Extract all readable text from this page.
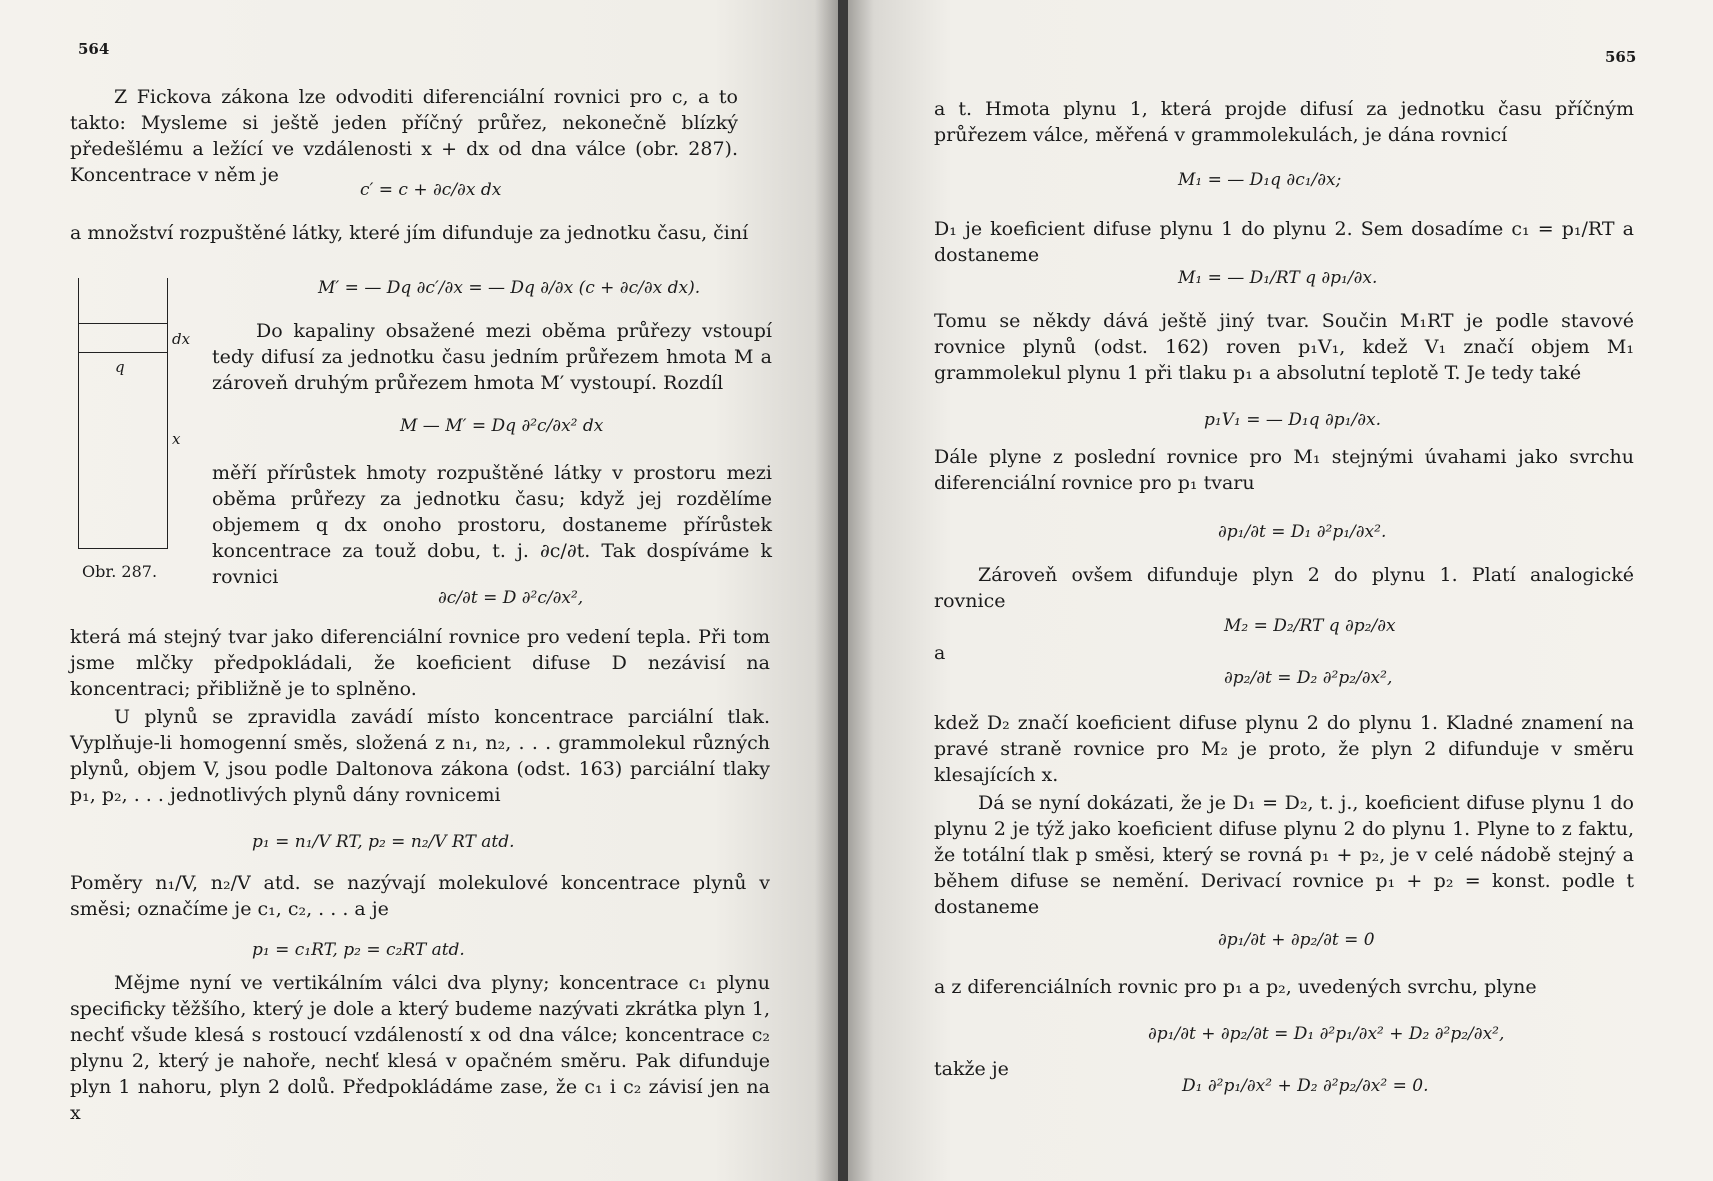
564
Z Fickova zákona lze odvoditi diferenciální rovnici pro c, a to takto: Mysleme si ještě jeden příčný průřez, nekonečně blízký předešlému a ležící ve vzdálenosti x + dx od dna válce (obr. 287). Koncentrace v něm je
c′ = c + ∂c/∂x dx
a množství rozpuštěné látky, které jím difunduje za jednotku času, činí
M′ = — Dq ∂c′/∂x = — Dq ∂/∂x (c + ∂c/∂x dx).
dx
q
x
Obr. 287.
Do kapaliny obsažené mezi oběma průřezy vstoupí tedy difusí za jednotku času jedním průřezem hmota M a zároveň druhým průřezem hmota M′ vystoupí. Rozdíl
M — M′ = Dq ∂²c/∂x² dx
měří přírůstek hmoty rozpuštěné látky v prostoru mezi oběma průřezy za jednotku času; když jej rozdělíme objemem q dx onoho prostoru, dostaneme přírůstek koncentrace za touž dobu, t. j. ∂c/∂t. Tak dospíváme k rovnici
∂c/∂t = D ∂²c/∂x²,
která má stejný tvar jako diferenciální rovnice pro vedení tepla. Při tom jsme mlčky předpokládali, že koeficient difuse D nezávisí na koncentraci; přibližně je to splněno.
U plynů se zpravidla zavádí místo koncentrace parciální tlak. Vyplňuje-li homogenní směs, složená z n₁, n₂, . . . grammolekul různých plynů, objem V, jsou podle Daltonova zákona (odst. 163) parciální tlaky p₁, p₂, . . . jednotlivých plynů dány rovnicemi
p₁ = n₁/V RT, p₂ = n₂/V RT atd.
Poměry n₁/V, n₂/V atd. se nazývají molekulové koncentrace plynů v směsi; označíme je c₁, c₂, . . . a je
p₁ = c₁RT, p₂ = c₂RT atd.
Mějme nyní ve vertikálním válci dva plyny; koncentrace c₁ plynu specificky těžšího, který je dole a který budeme nazývati zkrátka plyn 1, nechť všude klesá s rostoucí vzdáleností x od dna válce; koncentrace c₂ plynu 2, který je nahoře, nechť klesá v opačném směru. Pak difunduje plyn 1 nahoru, plyn 2 dolů. Předpokládáme zase, že c₁ i c₂ závisí jen na x
565
a t. Hmota plynu 1, která projde difusí za jednotku času příčným průřezem válce, měřená v grammolekulách, je dána rovnicí
M₁ = — D₁q ∂c₁/∂x;
D₁ je koeficient difuse plynu 1 do plynu 2. Sem dosadíme c₁ = p₁/RT a dostaneme
M₁ = — D₁/RT q ∂p₁/∂x.
Tomu se někdy dává ještě jiný tvar. Součin M₁RT je podle stavové rovnice plynů (odst. 162) roven p₁V₁, kdež V₁ značí objem M₁ grammolekul plynu 1 při tlaku p₁ a absolutní teplotě T. Je tedy také
p₁V₁ = — D₁q ∂p₁/∂x.
Dále plyne z poslední rovnice pro M₁ stejnými úvahami jako svrchu diferenciální rovnice pro p₁ tvaru
∂p₁/∂t = D₁ ∂²p₁/∂x².
Zároveň ovšem difunduje plyn 2 do plynu 1. Platí analogické rovnice
M₂ = D₂/RT q ∂p₂/∂x
a
∂p₂/∂t = D₂ ∂²p₂/∂x²,
kdež D₂ značí koeficient difuse plynu 2 do plynu 1. Kladné znamení na pravé straně rovnice pro M₂ je proto, že plyn 2 difunduje v směru klesajících x.
Dá se nyní dokázati, že je D₁ = D₂, t. j., koeficient difuse plynu 1 do plynu 2 je týž jako koeficient difuse plynu 2 do plynu 1. Plyne to z faktu, že totální tlak p směsi, který se rovná p₁ + p₂, je v celé nádobě stejný a během difuse se nemění. Derivací rovnice p₁ + p₂ = konst. podle t dostaneme
∂p₁/∂t + ∂p₂/∂t = 0
a z diferenciálních rovnic pro p₁ a p₂, uvedených svrchu, plyne
∂p₁/∂t + ∂p₂/∂t = D₁ ∂²p₁/∂x² + D₂ ∂²p₂/∂x²,
takže je
D₁ ∂²p₁/∂x² + D₂ ∂²p₂/∂x² = 0.
